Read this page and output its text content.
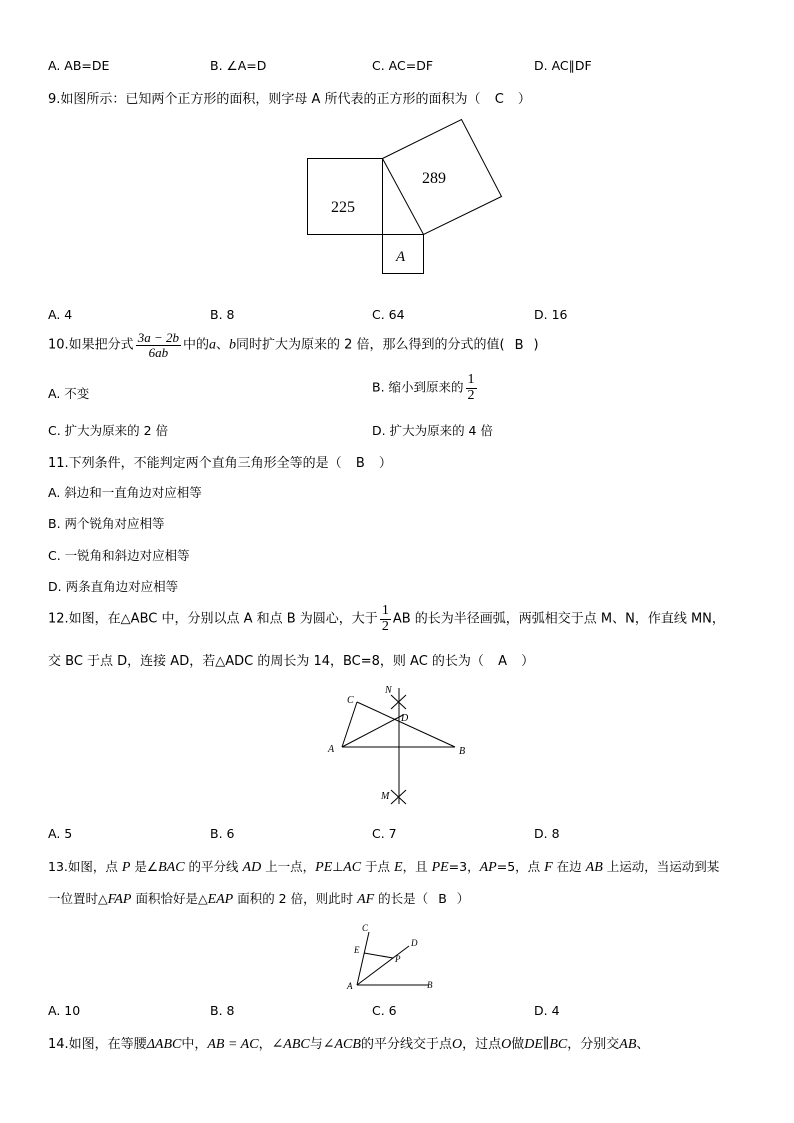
A. AB=DE	B. ∠A=D	C. AC=DF	D. AC∥DF
9.如图所示：已知两个正方形的面积，则字母 A 所代表的正方形的面积为（ C ）
225
289
A
A. 4	B. 8	C. 64	D. 16
10.如果把分式 $\frac{3a - 2b}{6ab}$ 中的a、b同时扩大为原来的 2 倍，那么得到的分式的值( B )
A. 不变	B. 缩小到原来的 $\frac{1}{2}$
C. 扩大为原来的 2 倍	D. 扩大为原来的 4 倍
11.下列条件，不能判定两个直角三角形全等的是（ B ）
A. 斜边和一直角边对应相等
B. 两个锐角对应相等
C. 一锐角和斜边对应相等
D. 两条直角边对应相等
12.如图，在△ABC 中，分别以点 A 和点 B 为圆心，大于 $\frac{1}{2}$ AB 的长为半径画弧，两弧相交于点 M、N，作直线 MN，
交 BC 于点 D，连接 AD，若△ADC 的周长为 14，BC=8，则 AC 的长为（ A ）
N
C
D
A	B
M
A. 5	B. 6	C. 7	D. 8
13.如图，点 P 是∠BAC 的平分线 AD 上一点，PE⊥AC 于点 E，且 PE=3，AP=5，点 F 在边 AB 上运动，当运动到某
一位置时△FAP 面积恰好是△EAP 面积的 2 倍，则此时 AF 的长是（ B ）
C
E
D
P
A	B
A. 10	B. 8	C. 6	D. 4
14.如图，在等腰ΔABC中，AB = AC，∠ABC与∠ACB的平分线交于点O，过点O做DE∥BC，分别交AB、
